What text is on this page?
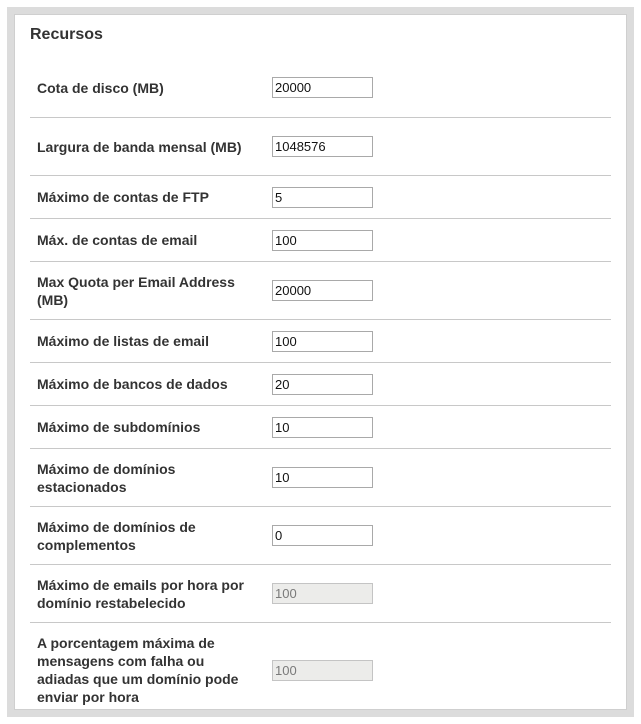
Recursos
Cota de disco (MB)
20000
Largura de banda mensal (MB)
1048576
Máximo de contas de FTP
5
Máx. de contas de email
100
Max Quota per Email Address (MB)
20000
Máximo de listas de email
100
Máximo de bancos de dados
20
Máximo de subdomínios
10
Máximo de domínios estacionados
10
Máximo de domínios de complementos
0
Máximo de emails por hora por domínio restabelecido
100
A porcentagem máxima de mensagens com falha ou adiadas que um domínio pode enviar por hora
100
